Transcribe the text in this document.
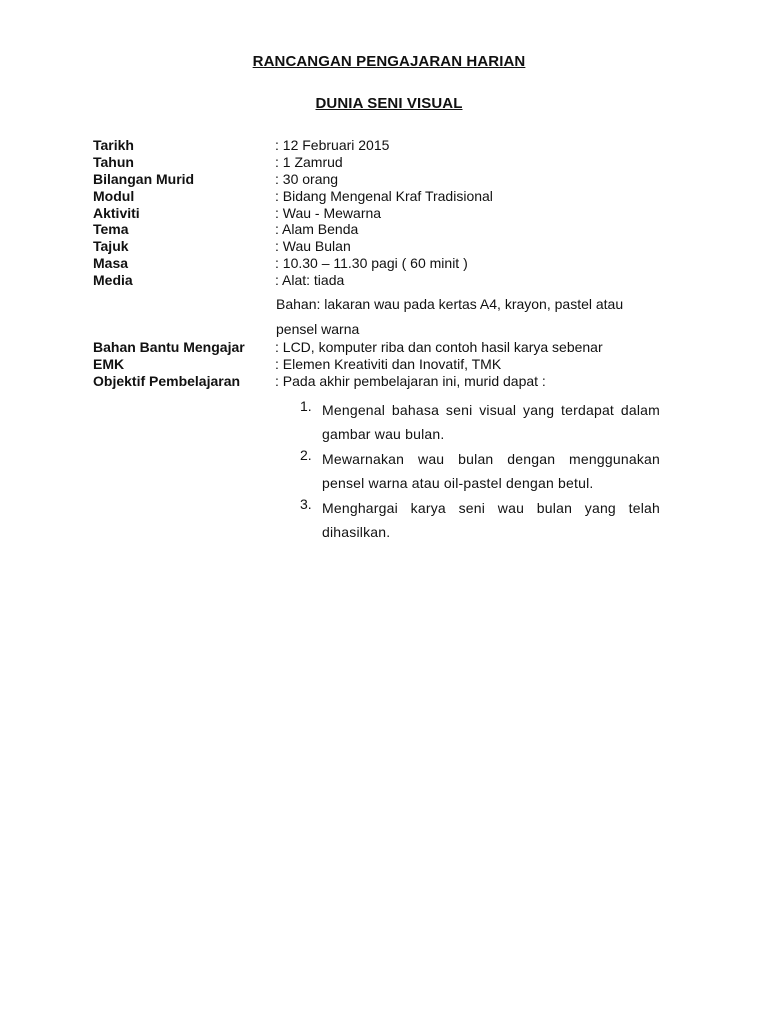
RANCANGAN PENGAJARAN HARIAN
DUNIA SENI VISUAL
Tarikh	: 12 Februari 2015
Tahun	: 1 Zamrud
Bilangan Murid	: 30 orang
Modul	: Bidang Mengenal Kraf Tradisional
Aktiviti	: Wau - Mewarna
Tema	: Alam Benda
Tajuk	: Wau Bulan
Masa	: 10.30 – 11.30 pagi ( 60 minit )
Media	: Alat: tiada
Bahan: lakaran wau pada kertas A4, krayon, pastel atau
pensel warna
Bahan Bantu Mengajar	: LCD, komputer riba dan contoh hasil karya sebenar
EMK	: Elemen Kreativiti dan Inovatif, TMK
Objektif Pembelajaran	: Pada akhir pembelajaran ini, murid dapat :
1. Mengenal bahasa seni visual yang terdapat dalam gambar wau bulan.
2. Mewarnakan wau bulan dengan menggunakan pensel warna atau oil-pastel dengan betul.
3. Menghargai karya seni wau bulan yang telah dihasilkan.
